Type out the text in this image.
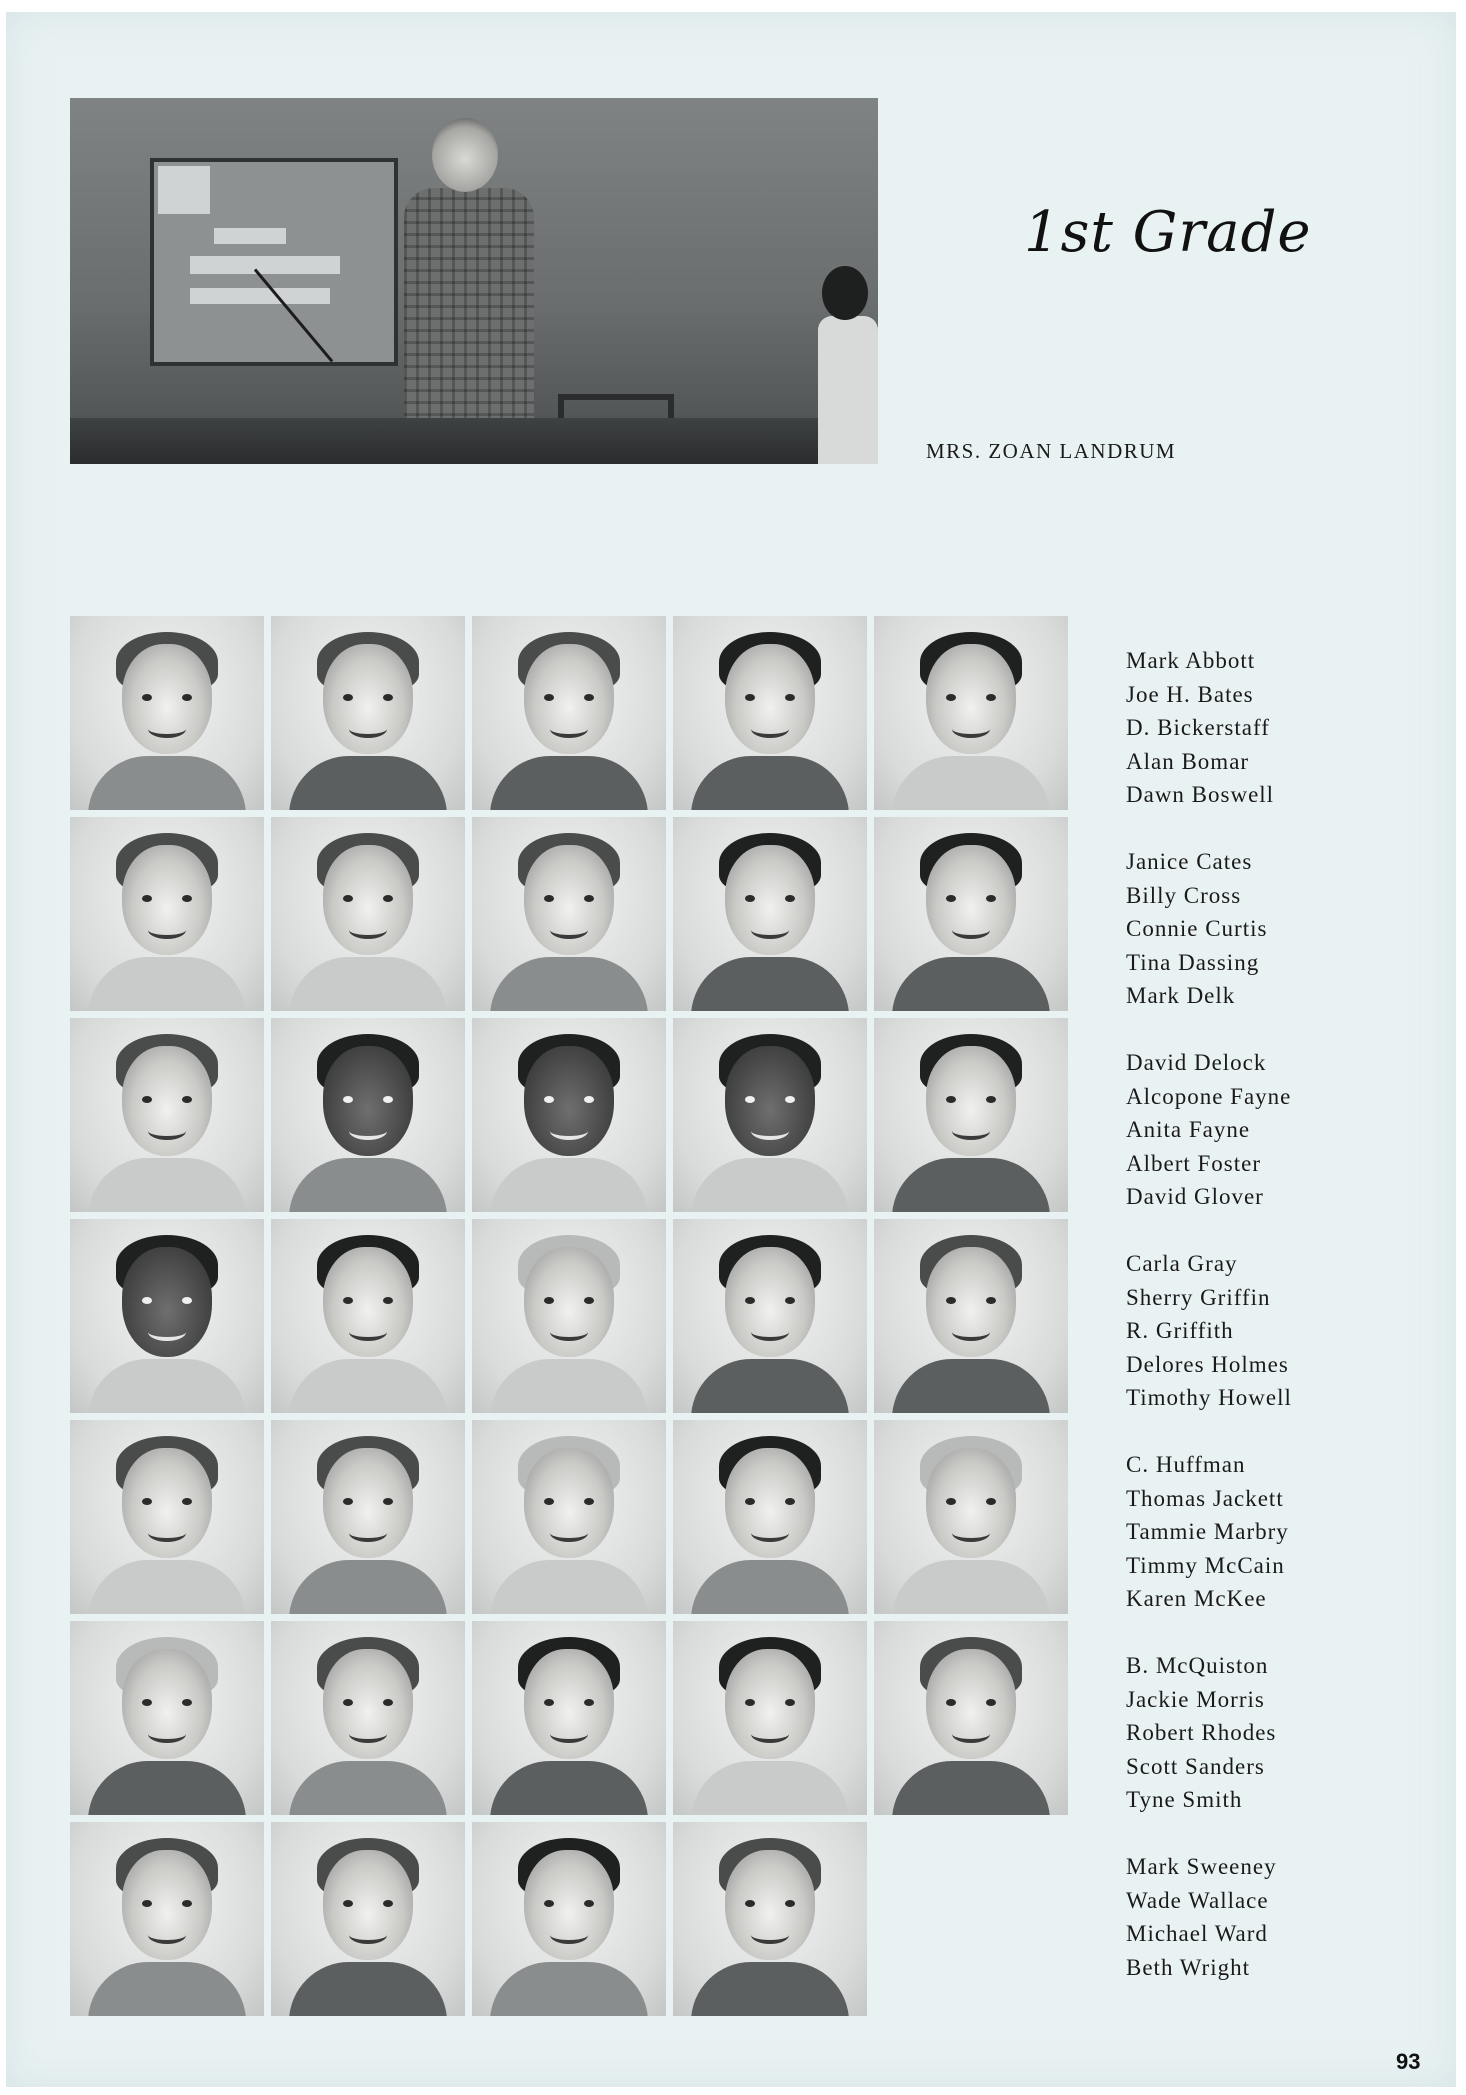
1st Grade
MRS. ZOAN LANDRUM
Mark Abbott
Joe H. Bates
D. Bickerstaff
Alan Bomar
Dawn Boswell
Janice Cates
Billy Cross
Connie Curtis
Tina Dassing
Mark Delk
David Delock
Alcopone Fayne
Anita Fayne
Albert Foster
David Glover
Carla Gray
Sherry Griffin
R. Griffith
Delores Holmes
Timothy Howell
C. Huffman
Thomas Jackett
Tammie Marbry
Timmy McCain
Karen McKee
B. McQuiston
Jackie Morris
Robert Rhodes
Scott Sanders
Tyne Smith
Mark Sweeney
Wade Wallace
Michael Ward
Beth Wright
93
